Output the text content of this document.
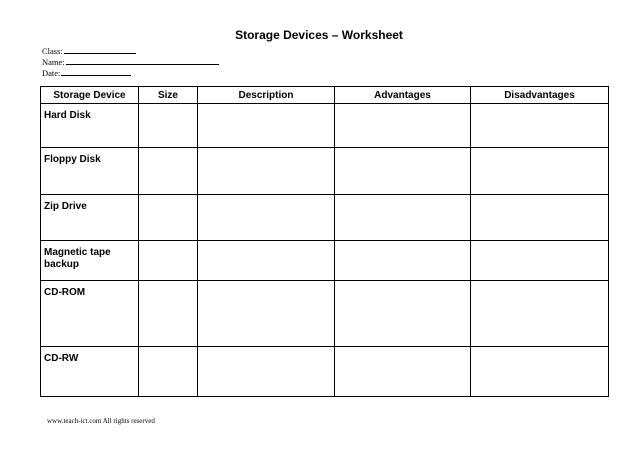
Storage Devices – Worksheet
Class:
Name:
Date:
Storage Device	Size	Description	Advantages	Disadvantages
Hard Disk				
Floppy Disk				
Zip Drive				
Magnetic tape backup				
CD-ROM				
CD-RW				
www.teach-ict.com All rights reserved
